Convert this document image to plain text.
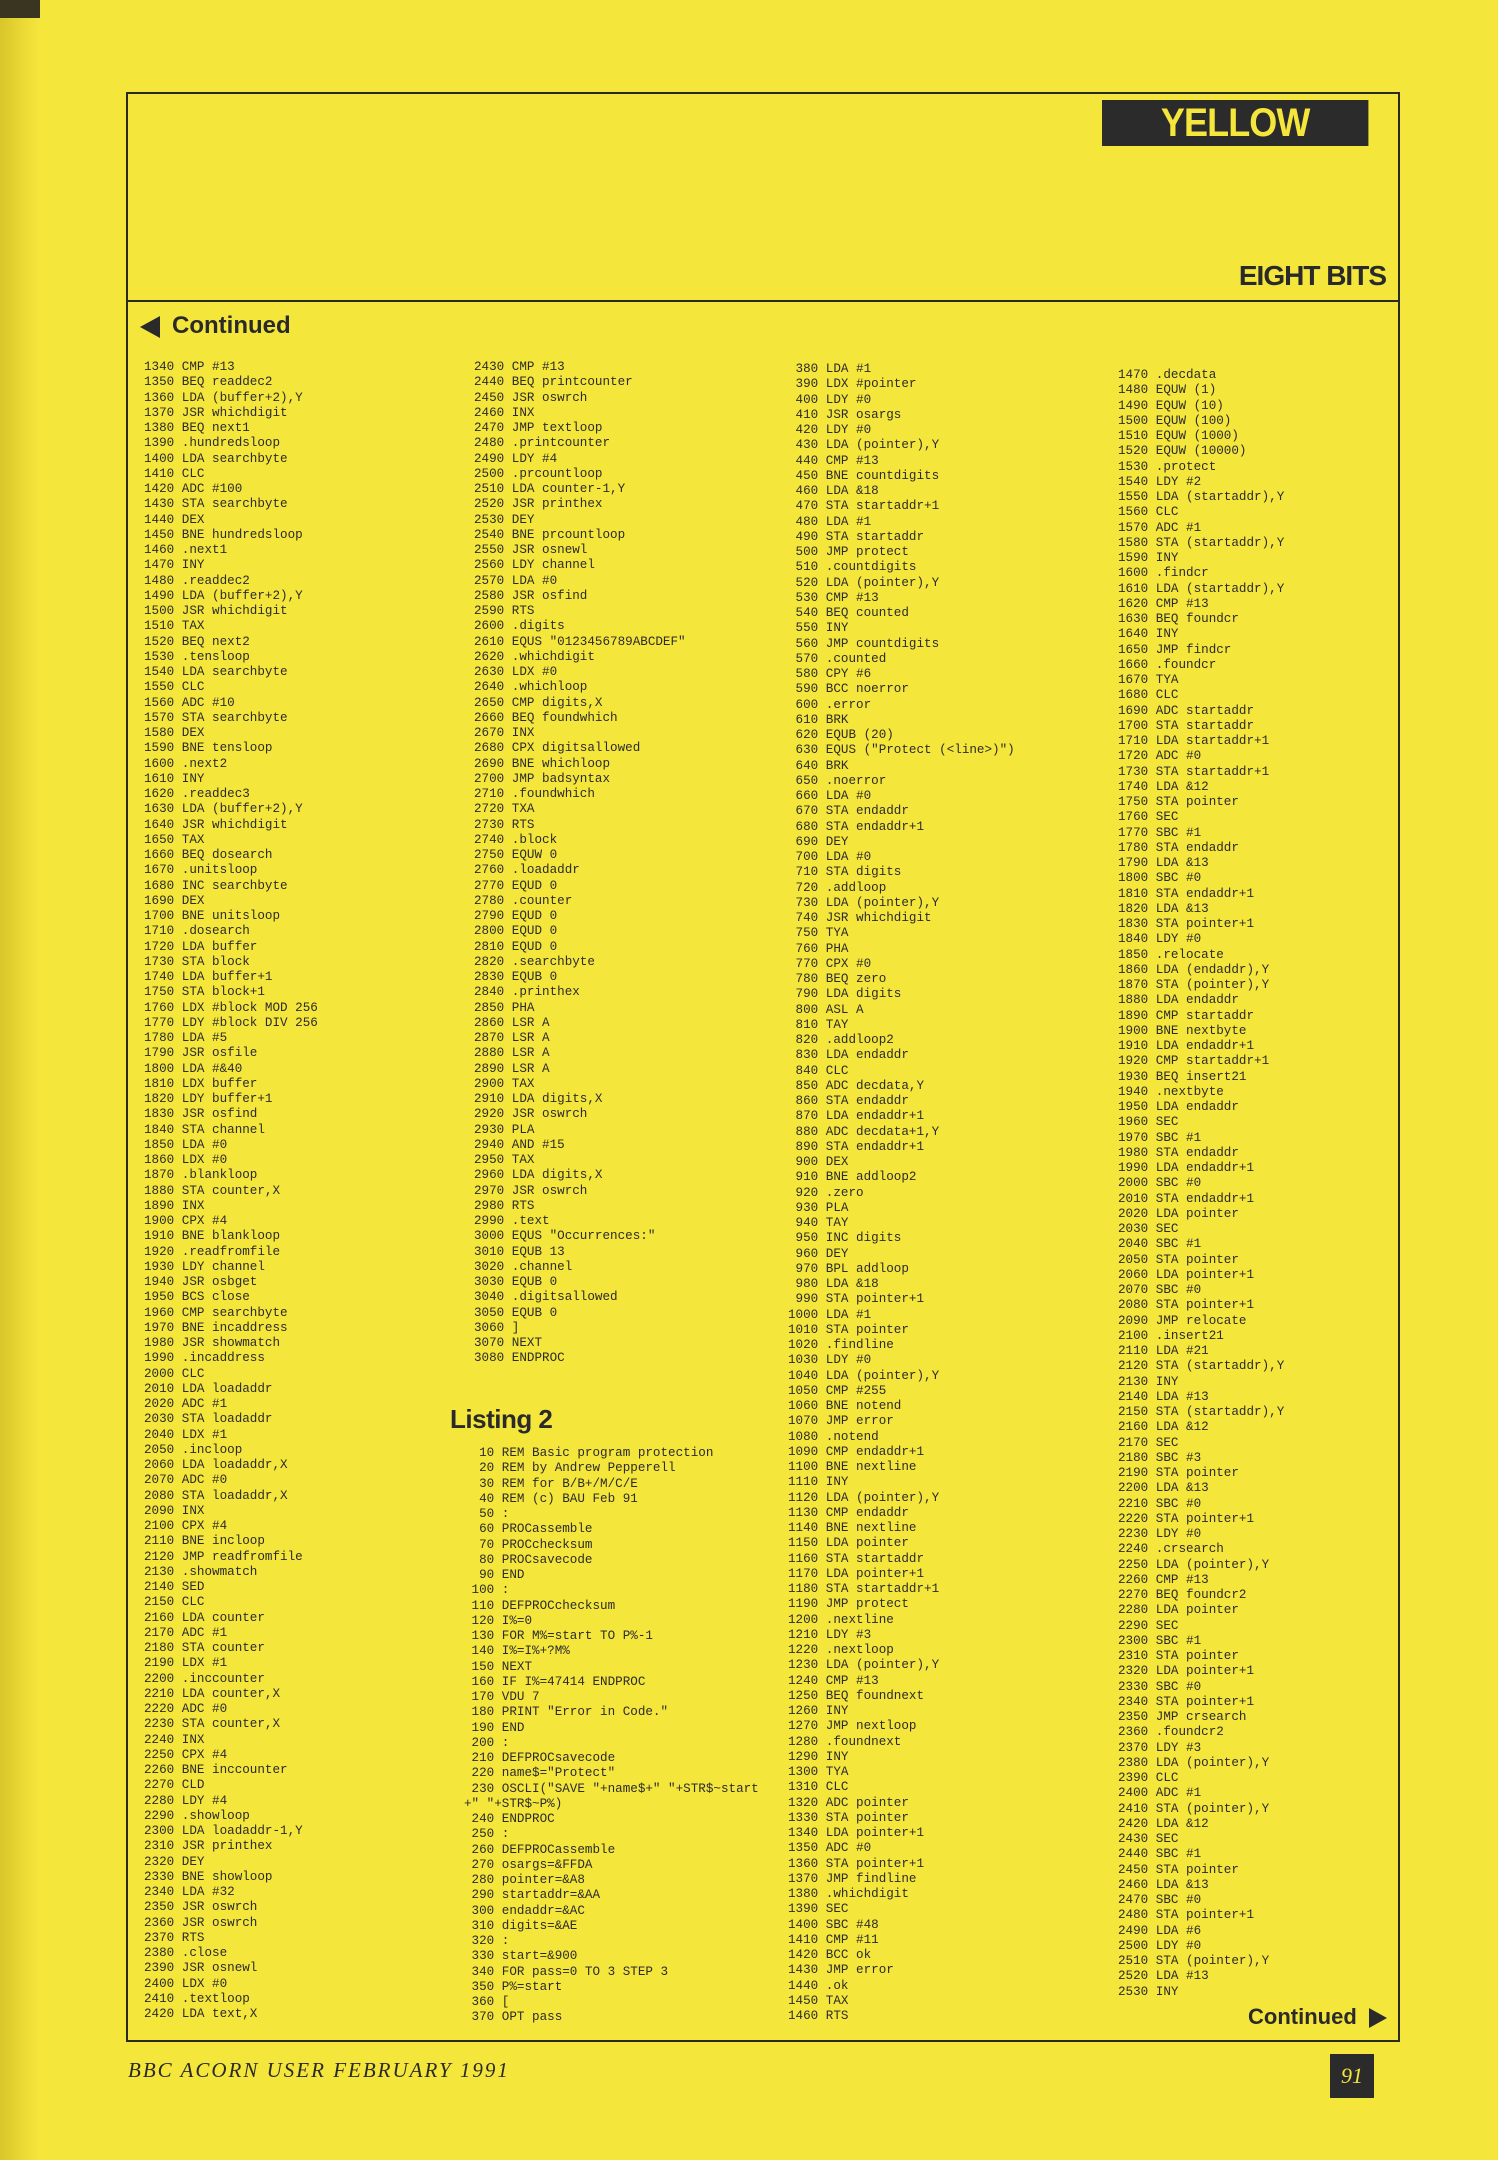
YELLOW PAGES
EIGHT BITS
Continued
1340 CMP #13
1350 BEQ readdec2
1360 LDA (buffer+2),Y
1370 JSR whichdigit
1380 BEQ next1
1390 .hundredsloop
1400 LDA searchbyte
1410 CLC
1420 ADC #100
1430 STA searchbyte
1440 DEX
1450 BNE hundredsloop
1460 .next1
1470 INY
1480 .readdec2
1490 LDA (buffer+2),Y
1500 JSR whichdigit
1510 TAX
1520 BEQ next2
1530 .tensloop
1540 LDA searchbyte
1550 CLC
1560 ADC #10
1570 STA searchbyte
1580 DEX
1590 BNE tensloop
1600 .next2
1610 INY
1620 .readdec3
1630 LDA (buffer+2),Y
1640 JSR whichdigit
1650 TAX
1660 BEQ dosearch
1670 .unitsloop
1680 INC searchbyte
1690 DEX
1700 BNE unitsloop
1710 .dosearch
1720 LDA buffer
1730 STA block
1740 LDA buffer+1
1750 STA block+1
1760 LDX #block MOD 256
1770 LDY #block DIV 256
1780 LDA #5
1790 JSR osfile
1800 LDA #&40
1810 LDX buffer
1820 LDY buffer+1
1830 JSR osfind
1840 STA channel
1850 LDA #0
1860 LDX #0
1870 .blankloop
1880 STA counter,X
1890 INX
1900 CPX #4
1910 BNE blankloop
1920 .readfromfile
1930 LDY channel
1940 JSR osbget
1950 BCS close
1960 CMP searchbyte
1970 BNE incaddress
1980 JSR showmatch
1990 .incaddress
2000 CLC
2010 LDA loadaddr
2020 ADC #1
2030 STA loadaddr
2040 LDX #1
2050 .incloop
2060 LDA loadaddr,X
2070 ADC #0
2080 STA loadaddr,X
2090 INX
2100 CPX #4
2110 BNE incloop
2120 JMP readfromfile
2130 .showmatch
2140 SED
2150 CLC
2160 LDA counter
2170 ADC #1
2180 STA counter
2190 LDX #1
2200 .inccounter
2210 LDA counter,X
2220 ADC #0
2230 STA counter,X
2240 INX
2250 CPX #4
2260 BNE inccounter
2270 CLD
2280 LDY #4
2290 .showloop
2300 LDA loadaddr-1,Y
2310 JSR printhex
2320 DEY
2330 BNE showloop
2340 LDA #32
2350 JSR oswrch
2360 JSR oswrch
2370 RTS
2380 .close
2390 JSR osnewl
2400 LDX #0
2410 .textloop
2420 LDA text,X
2430 CMP #13
2440 BEQ printcounter
2450 JSR oswrch
2460 INX
2470 JMP textloop
2480 .printcounter
2490 LDY #4
2500 .prcountloop
2510 LDA counter-1,Y
2520 JSR printhex
2530 DEY
2540 BNE prcountloop
2550 JSR osnewl
2560 LDY channel
2570 LDA #0
2580 JSR osfind
2590 RTS
2600 .digits
2610 EQUS "0123456789ABCDEF"
2620 .whichdigit
2630 LDX #0
2640 .whichloop
2650 CMP digits,X
2660 BEQ foundwhich
2670 INX
2680 CPX digitsallowed
2690 BNE whichloop
2700 JMP badsyntax
2710 .foundwhich
2720 TXA
2730 RTS
2740 .block
2750 EQUW 0
2760 .loadaddr
2770 EQUD 0
2780 .counter
2790 EQUD 0
2800 EQUD 0
2810 EQUD 0
2820 .searchbyte
2830 EQUB 0
2840 .printhex
2850 PHA
2860 LSR A
2870 LSR A
2880 LSR A
2890 LSR A
2900 TAX
2910 LDA digits,X
2920 JSR oswrch
2930 PLA
2940 AND #15
2950 TAX
2960 LDA digits,X
2970 JSR oswrch
2980 RTS
2990 .text
3000 EQUS "Occurrences:"
3010 EQUB 13
3020 .channel
3030 EQUB 0
3040 .digitsallowed
3050 EQUB 0
3060 ]
3070 NEXT
3080 ENDPROC
Listing 2
10 REM Basic program protection
20 REM by Andrew Pepperell
30 REM for B/B+/M/C/E
40 REM (c) BAU Feb 91
50 :
60 PROCassemble
70 PROCchecksum
80 PROCsavecode
90 END
100 :
110 DEFPROCchecksum
120 I%=0
130 FOR M%=start TO P%-1
140 I%=I%+?M%
150 NEXT
160 IF I%=47414 ENDPROC
170 VDU 7
180 PRINT "Error in Code."
190 END
200 :
210 DEFPROCsavecode
220 name$="Protect"
230 OSCLI("SAVE "+name$+" "+STR$~start
+" "+STR$~P%)
240 ENDPROC
250 :
260 DEFPROCassemble
270 osargs=&FFDA
280 pointer=&A8
290 startaddr=&AA
300 endaddr=&AC
310 digits=&AE
320 :
330 start=&900
340 FOR pass=0 TO 3 STEP 3
350 P%=start
360 [
370 OPT pass
380 LDA #1
390 LDX #pointer
400 LDY #0
410 JSR osargs
420 LDY #0
430 LDA (pointer),Y
440 CMP #13
450 BNE countdigits
460 LDA &18
470 STA startaddr+1
480 LDA #1
490 STA startaddr
500 JMP protect
510 .countdigits
520 LDA (pointer),Y
530 CMP #13
540 BEQ counted
550 INY
560 JMP countdigits
570 .counted
580 CPY #6
590 BCC noerror
600 .error
610 BRK
620 EQUB (20)
630 EQUS ("Protect (<line>)")
640 BRK
650 .noerror
660 LDA #0
670 STA endaddr
680 STA endaddr+1
690 DEY
700 LDA #0
710 STA digits
720 .addloop
730 LDA (pointer),Y
740 JSR whichdigit
750 TYA
760 PHA
770 CPX #0
780 BEQ zero
790 LDA digits
800 ASL A
810 TAY
820 .addloop2
830 LDA endaddr
840 CLC
850 ADC decdata,Y
860 STA endaddr
870 LDA endaddr+1
880 ADC decdata+1,Y
890 STA endaddr+1
900 DEX
910 BNE addloop2
920 .zero
930 PLA
940 TAY
950 INC digits
960 DEY
970 BPL addloop
980 LDA &18
990 STA pointer+1
1000 LDA #1
1010 STA pointer
1020 .findline
1030 LDY #0
1040 LDA (pointer),Y
1050 CMP #255
1060 BNE notend
1070 JMP error
1080 .notend
1090 CMP endaddr+1
1100 BNE nextline
1110 INY
1120 LDA (pointer),Y
1130 CMP endaddr
1140 BNE nextline
1150 LDA pointer
1160 STA startaddr
1170 LDA pointer+1
1180 STA startaddr+1
1190 JMP protect
1200 .nextline
1210 LDY #3
1220 .nextloop
1230 LDA (pointer),Y
1240 CMP #13
1250 BEQ foundnext
1260 INY
1270 JMP nextloop
1280 .foundnext
1290 INY
1300 TYA
1310 CLC
1320 ADC pointer
1330 STA pointer
1340 LDA pointer+1
1350 ADC #0
1360 STA pointer+1
1370 JMP findline
1380 .whichdigit
1390 SEC
1400 SBC #48
1410 CMP #11
1420 BCC ok
1430 JMP error
1440 .ok
1450 TAX
1460 RTS
1470 .decdata
1480 EQUW (1)
1490 EQUW (10)
1500 EQUW (100)
1510 EQUW (1000)
1520 EQUW (10000)
1530 .protect
1540 LDY #2
1550 LDA (startaddr),Y
1560 CLC
1570 ADC #1
1580 STA (startaddr),Y
1590 INY
1600 .findcr
1610 LDA (startaddr),Y
1620 CMP #13
1630 BEQ foundcr
1640 INY
1650 JMP findcr
1660 .foundcr
1670 TYA
1680 CLC
1690 ADC startaddr
1700 STA startaddr
1710 LDA startaddr+1
1720 ADC #0
1730 STA startaddr+1
1740 LDA &12
1750 STA pointer
1760 SEC
1770 SBC #1
1780 STA endaddr
1790 LDA &13
1800 SBC #0
1810 STA endaddr+1
1820 LDA &13
1830 STA pointer+1
1840 LDY #0
1850 .relocate
1860 LDA (endaddr),Y
1870 STA (pointer),Y
1880 LDA endaddr
1890 CMP startaddr
1900 BNE nextbyte
1910 LDA endaddr+1
1920 CMP startaddr+1
1930 BEQ insert21
1940 .nextbyte
1950 LDA endaddr
1960 SEC
1970 SBC #1
1980 STA endaddr
1990 LDA endaddr+1
2000 SBC #0
2010 STA endaddr+1
2020 LDA pointer
2030 SEC
2040 SBC #1
2050 STA pointer
2060 LDA pointer+1
2070 SBC #0
2080 STA pointer+1
2090 JMP relocate
2100 .insert21
2110 LDA #21
2120 STA (startaddr),Y
2130 INY
2140 LDA #13
2150 STA (startaddr),Y
2160 LDA &12
2170 SEC
2180 SBC #3
2190 STA pointer
2200 LDA &13
2210 SBC #0
2220 STA pointer+1
2230 LDY #0
2240 .crsearch
2250 LDA (pointer),Y
2260 CMP #13
2270 BEQ foundcr2
2280 LDA pointer
2290 SEC
2300 SBC #1
2310 STA pointer
2320 LDA pointer+1
2330 SBC #0
2340 STA pointer+1
2350 JMP crsearch
2360 .foundcr2
2370 LDY #3
2380 LDA (pointer),Y
2390 CLC
2400 ADC #1
2410 STA (pointer),Y
2420 LDA &12
2430 SEC
2440 SBC #1
2450 STA pointer
2460 LDA &13
2470 SBC #0
2480 STA pointer+1
2490 LDA #6
2500 LDY #0
2510 STA (pointer),Y
2520 LDA #13
2530 INY
Continued
BBC ACORN USER FEBRUARY 1991	91
